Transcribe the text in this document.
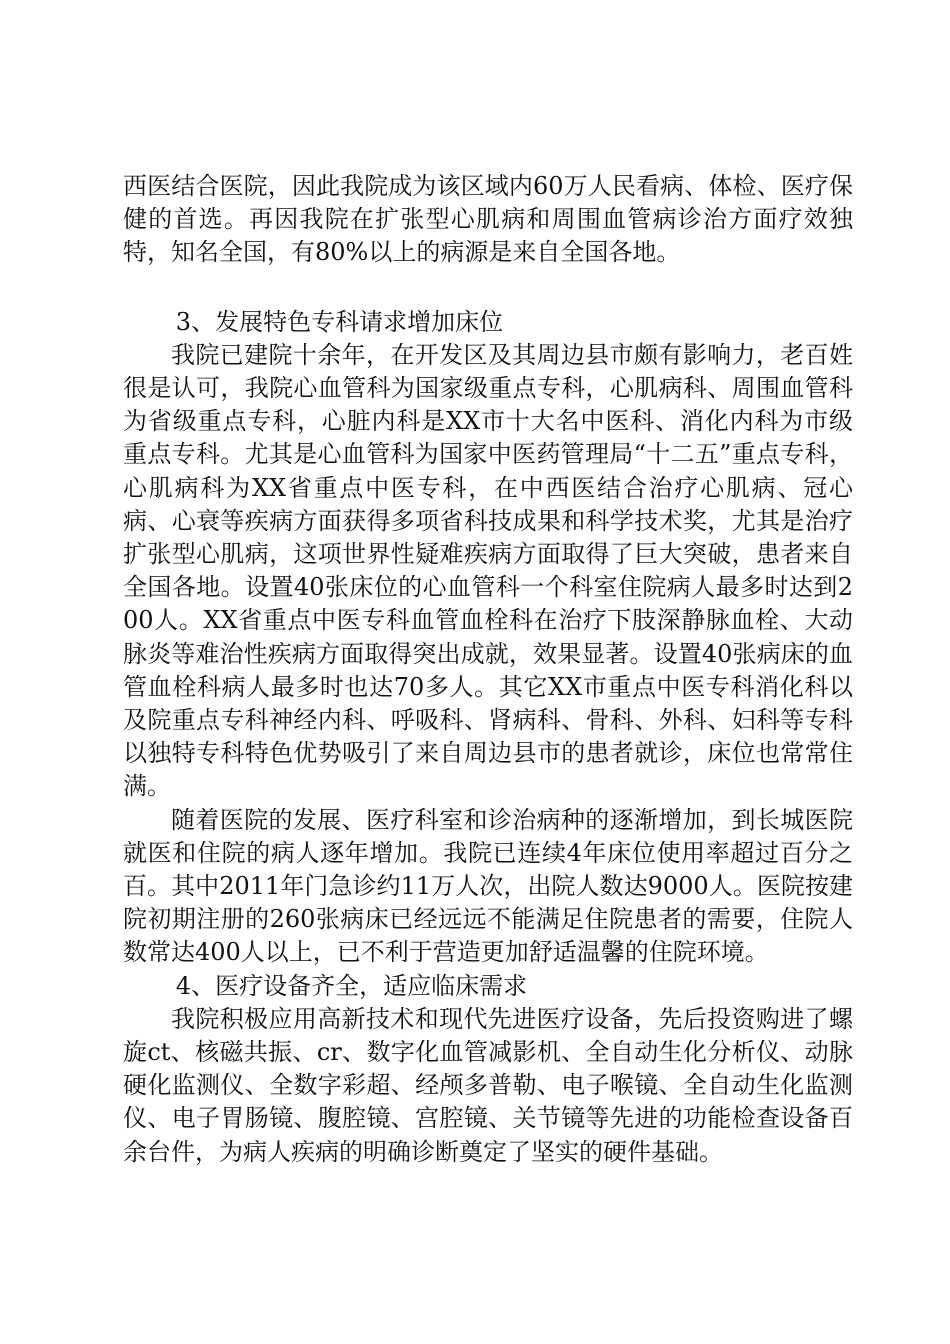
西医结合医院，因此我院成为该区域内60万人民看病、体检、医疗保健的首选。再因我院在扩张型心肌病和周围血管病诊治方面疗效独特，知名全国，有80%以上的病源是来自全国各地。

3、发展特色专科请求增加床位

我院已建院十余年，在开发区及其周边县市颇有影响力，老百姓很是认可，我院心血管科为国家级重点专科，心肌病科、周围血管科为省级重点专科，心脏内科是XX市十大名中医科、消化内科为市级重点专科。尤其是心血管科为国家中医药管理局“十二五”重点专科，心肌病科为XX省重点中医专科，在中西医结合治疗心肌病、冠心病、心衰等疾病方面获得多项省科技成果和科学技术奖，尤其是治疗扩张型心肌病，这项世界性疑难疾病方面取得了巨大突破，患者来自全国各地。设置40张床位的心血管科一个科室住院病人最多时达到200人。XX省重点中医专科血管血栓科在治疗下肢深静脉血栓、大动脉炎等难治性疾病方面取得突出成就，效果显著。设置40张病床的血管血栓科病人最多时也达70多人。其它XX市重点中医专科消化科以及院重点专科神经内科、呼吸科、肾病科、骨科、外科、妇科等专科以独特专科特色优势吸引了来自周边县市的患者就诊，床位也常常住满。

随着医院的发展、医疗科室和诊治病种的逐渐增加，到长城医院就医和住院的病人逐年增加。我院已连续4年床位使用率超过百分之百。其中2011年门急诊约11万人次，出院人数达9000人。医院按建院初期注册的260张病床已经远远不能满足住院患者的需要，住院人数常达400人以上，已不利于营造更加舒适温馨的住院环境。

4、医疗设备齐全，适应临床需求

我院积极应用高新技术和现代先进医疗设备，先后投资购进了螺旋ct、核磁共振、cr、数字化血管减影机、全自动生化分析仪、动脉硬化监测仪、全数字彩超、经颅多普勒、电子喉镜、全自动生化监测仪、电子胃肠镜、腹腔镜、宫腔镜、关节镜等先进的功能检查设备百余台件，为病人疾病的明确诊断奠定了坚实的硬件基础。
